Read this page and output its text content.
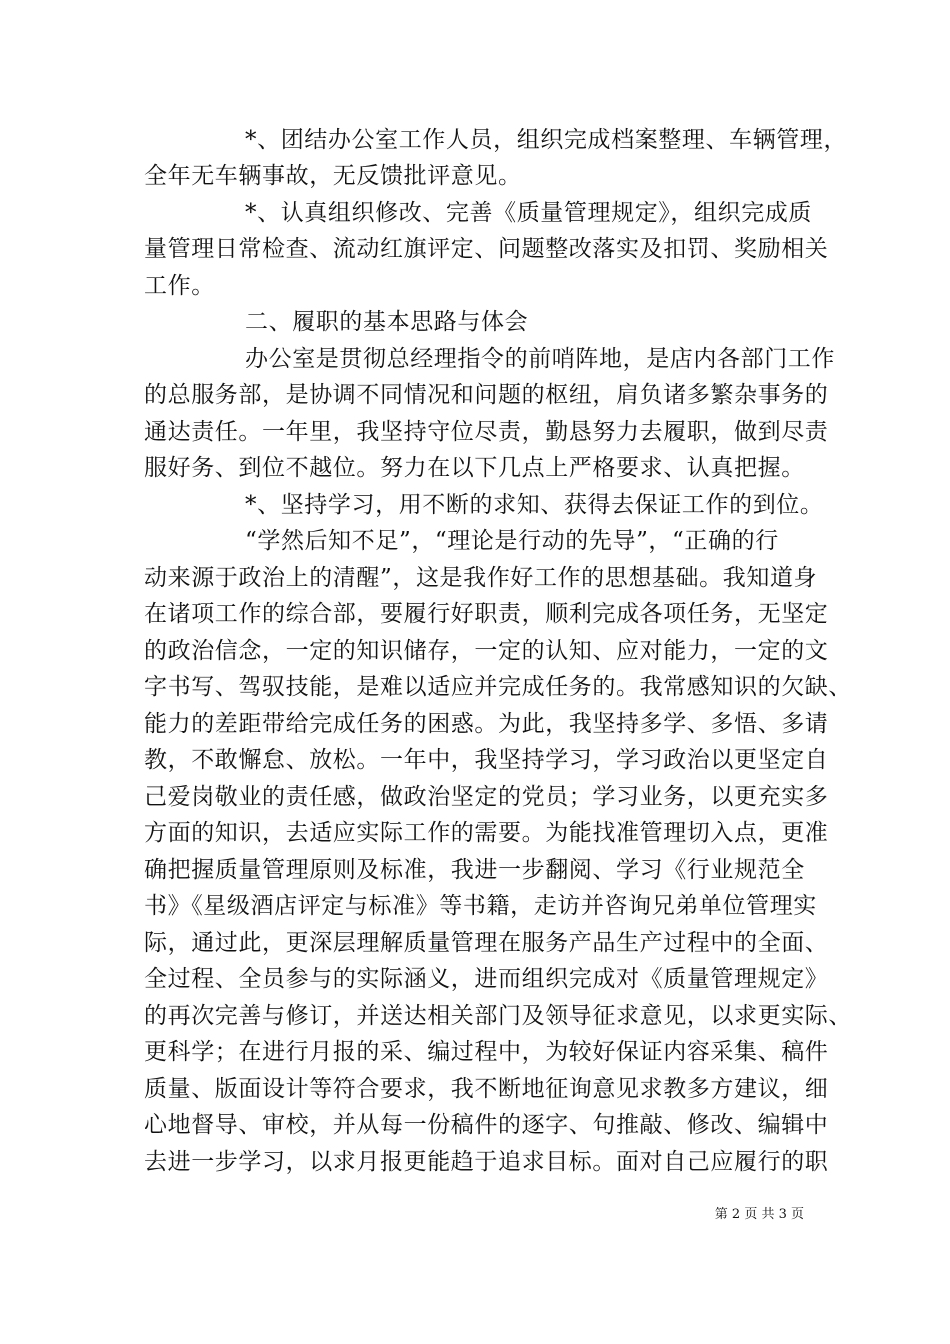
*、团结办公室工作人员，组织完成档案整理、车辆管理，
全年无车辆事故，无反馈批评意见。
*、认真组织修改、完善《质量管理规定》，组织完成质
量管理日常检查、流动红旗评定、问题整改落实及扣罚、奖励相关
工作。
二、履职的基本思路与体会
办公室是贯彻总经理指令的前哨阵地，是店内各部门工作
的总服务部，是协调不同情况和问题的枢纽，肩负诸多繁杂事务的
通达责任。一年里，我坚持守位尽责，勤恳努力去履职，做到尽责
服好务、到位不越位。努力在以下几点上严格要求、认真把握。
*、坚持学习，用不断的求知、获得去保证工作的到位。
“学然后知不足”，“理论是行动的先导”，“正确的行
动来源于政治上的清醒”，这是我作好工作的思想基础。我知道身
在诸项工作的综合部，要履行好职责，顺利完成各项任务，无坚定
的政治信念，一定的知识储存，一定的认知、应对能力，一定的文
字书写、驾驭技能，是难以适应并完成任务的。我常感知识的欠缺、
能力的差距带给完成任务的困惑。为此，我坚持多学、多悟、多请
教，不敢懈怠、放松。一年中，我坚持学习，学习政治以更坚定自
己爱岗敬业的责任感，做政治坚定的党员；学习业务，以更充实多
方面的知识，去适应实际工作的需要。为能找准管理切入点，更准
确把握质量管理原则及标准，我进一步翻阅、学习《行业规范全
书》《星级酒店评定与标准》等书籍，走访并咨询兄弟单位管理实
际，通过此，更深层理解质量管理在服务产品生产过程中的全面、
全过程、全员参与的实际涵义，进而组织完成对《质量管理规定》
的再次完善与修订，并送达相关部门及领导征求意见，以求更实际、
更科学；在进行月报的采、编过程中，为较好保证内容采集、稿件
质量、版面设计等符合要求，我不断地征询意见求教多方建议，细
心地督导、审校，并从每一份稿件的逐字、句推敲、修改、编辑中
去进一步学习，以求月报更能趋于追求目标。面对自己应履行的职
第 2 页 共 3 页
